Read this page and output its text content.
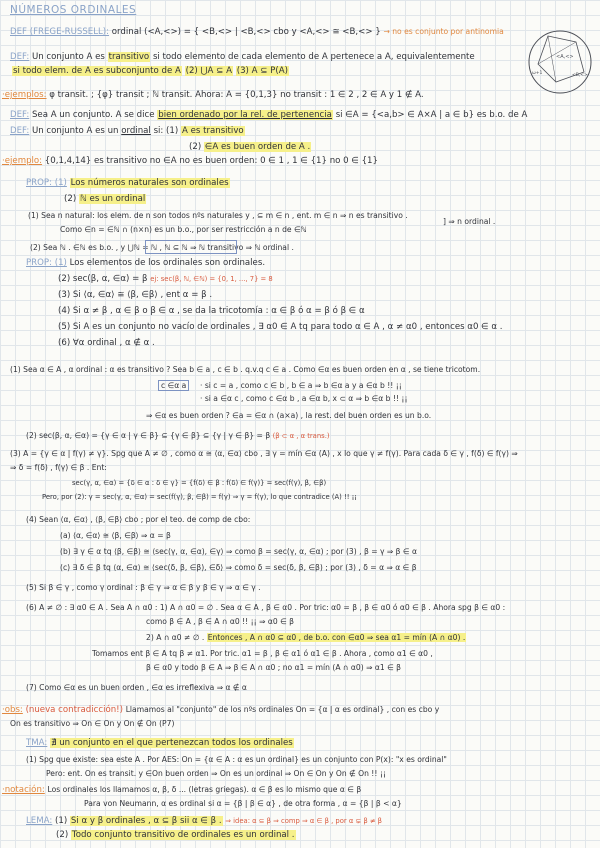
NÚMEROS ORDINALES
<A,<>
ω+1	<B,<>
DEF (FREGE-RUSSELL): ordinal (<A,<>) = { <B,<> | <B,<> cbo y <A,<> ≅ <B,<> } → no es conjunto por antinomia
DEF: Un conjunto A es transitivo si todo elemento de cada elemento de A pertenece a A, equivalentemente
si todo elem. de A es subconjunto de A (2) ⋃A ⊆ A (3) A ⊆ P(A)
·ejemplos: φ transit. ; {φ} transit ; ℕ transit. Ahora: A = {0,1,3} no transit : 1 ∈ 2 , 2 ∈ A y 1 ∉ A.
DEF: Sea A un conjunto. A se dice bien ordenado por la rel. de pertenencia si ∈A = {<a,b> ∈ A×A | a ∈ b} es b.o. de A
DEF: Un conjunto A es un ordinal si: (1) A es transitivo
(2) ∈A es buen orden de A .
·ejemplo: {0,1,4,14} es transitivo no ∈A no es buen orden: 0 ∈ 1 , 1 ∈ {1} no 0 ∈ {1}
PROP: (1) Los números naturales son ordinales
(2) ℕ es un ordinal
(1) Sea n natural: los elem. de n son todos nºs naturales y , ⊆ m ∈ n , ent. m ∈ n ⇒ n es transitivo .
Como ∈n = ∈ℕ ∩ (n×n) es un b.o., por ser restricción a n de ∈ℕ
] ⇒ n ordinal .
(2) Sea ℕ . ∈ℕ es b.o. , y ⋃ℕ = ℕ , ℕ ⊆ ℕ ⇒ ℕ transitivo ⇒ ℕ ordinal .
PROP: (1) Los elementos de los ordinales son ordinales.
(2) sec(β, α, ∈α) = β ej: sec(β, ℕ, ∈ℕ) = {0, 1, ..., 7} = 8
(3) Si ⟨α, ∈α⟩ ≅ ⟨β, ∈β⟩ , ent α = β .
(4) Si α ≠ β , α ∈ β o β ∈ α , se da la tricotomía : α ∈ β ó α = β ó β ∈ α
(5) Si A es un conjunto no vacío de ordinales , ∃ α0 ∈ A tq para todo α ∈ A , α ≠ α0 , entonces α0 ∈ α .
(6) ∀α ordinal , α ∉ α .
(1) Sea α ∈ A , α ordinal : α es transitivo ? Sea b ∈ a , c ∈ b . q.v.q c ∈ a . Como ∈α es buen orden en α , se tiene tricotom.
c ∈α a	· si c = a , como c ∈ b , b ∈ a ⇒ b ∈α a y a ∈α b !! ¡¡
· si a ∈α c , como c ∈α b , a ∈α b, x ⊂ α ⇒ b ∈α b !! ¡¡
⇒ ∈α es buen orden ? ∈a = ∈α ∩ (a×a) , la rest. del buen orden es un b.o.
(2) sec(β, α, ∈α) = {γ ∈ α | γ ∈ β} ⊆ {γ ∈ β} ⊆ {γ | γ ∈ β} = β (β ⊂ α , α trans.)
(3) A = {γ ∈ α | f(γ) ≠ γ}. Spg que A ≠ ∅ , como α ≅ ⟨α, ∈α⟩ cbo , ∃ γ = mín ∈α (A) , x lo que γ ≠ f(γ). Para cada δ ∈ γ , f(δ) ∈ f(γ) ⇒
⇒ δ = f(δ) , f(γ) ∈ β . Ent:
sec(γ, α, ∈α) = {δ ∈ α : δ ∈ γ} = {f(δ) ∈ β : f(δ) ∈ f(γ)} = sec(f(γ), β, ∈β)
Pero, por (2): γ = sec(γ, α, ∈α) = sec(f(γ), β, ∈β) = f(γ) ⇒ γ = f(γ), lo que contradice (A) !! ¡¡
(4) Sean ⟨α, ∈α⟩ , ⟨β, ∈β⟩ cbo ; por el teo. de comp de cbo:
(a) ⟨α, ∈α⟩ ≅ ⟨β, ∈β⟩ ⇒ α = β
(b) ∃ γ ∈ α tq ⟨β, ∈β⟩ ≅ ⟨sec(γ, α, ∈α), ∈γ⟩ ⇒ como β = sec(γ, α, ∈α) ; por (3) , β = γ ⇒ β ∈ α
(c) ∃ δ ∈ β tq ⟨α, ∈α⟩ ≅ ⟨sec(δ, β, ∈β), ∈δ⟩ ⇒ como δ = sec(δ, β, ∈β) ; por (3) , δ = α ⇒ α ∈ β
(5) Si β ∈ γ , como γ ordinal : β ∈ γ ⇒ α ∈ β y β ∈ γ ⇒ α ∈ γ .
(6) A ≠ ∅ : ∃ α0 ∈ A . Sea A ∩ α0 : 1) A ∩ α0 = ∅ . Sea α ∈ A , β ∈ α0 . Por tric: α0 = β , β ∈ α0 ó α0 ∈ β . Ahora spg β ∈ α0 :
como β ∈ A , β ∈ A ∩ α0 !! ¡¡ ⇒ α0 ∈ β
2) A ∩ α0 ≠ ∅ . Entonces , A ∩ α0 ⊆ α0 , de b.o. con ∈α0 ⇒ sea α1 = mín (A ∩ α0) .
Tomamos ent β ∈ A tq β ≠ α1. Por tric. α1 = β , β ∈ α1 ó α1 ∈ β . Ahora , como α1 ∈ α0 ,
β ∈ α0 y todo β ∈ A ⇒ β ∈ A ∩ α0 ; no α1 = mín (A ∩ α0) ⇒ α1 ∈ β
(7) Como ∈α es un buen orden , ∈α es irreflexiva ⇒ α ∉ α
·obs: (nueva contradicción!) Llamamos al "conjunto" de los nºs ordinales On = {α | α es ordinal} , con es cbo y
On es transitivo ⇒ On ∈ On y On ∉ On (P7)
TMA: ∄ un conjunto en el que pertenezcan todos los ordinales
(1) Spg que existe: sea este A . Por AES: On = {α ∈ A : α es un ordinal} es un conjunto con P(x): "x es ordinal"
Pero: ent. On es transit. y ∈On buen orden ⇒ On es un ordinal ⇒ On ∈ On y On ∉ On !! ¡¡
·notación: Los ordinales los llamamos α, β, δ ... (letras griegas). α ∈ β es lo mismo que α ∈ β
Para von Neumann, α es ordinal si α = {β | β ∈ α} , de otra forma , α = {β | β < α}
LEMA: (1) Si α y β ordinales , α ⊆ β sii α ∈ β . ⇒ idea: α ⊆ β ⇒ comp ⇒ α ∈ β , por α ⊊ β ≠ β
(2) Todo conjunto transitivo de ordinales es un ordinal .
